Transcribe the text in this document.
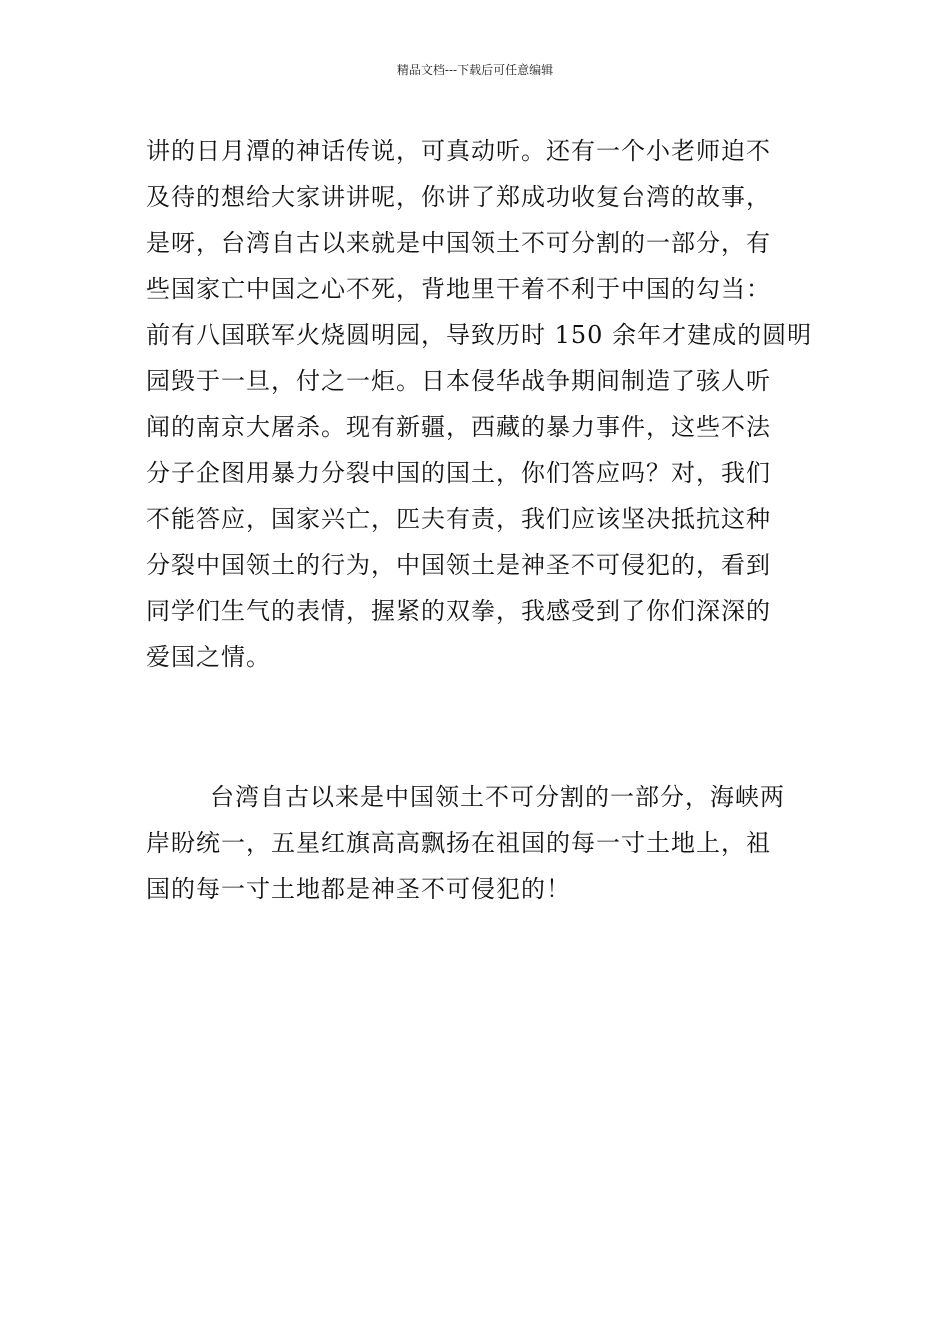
精品文档---下载后可任意编辑
讲的日月潭的神话传说，可真动听。还有一个小老师迫不
及待的想给大家讲讲呢，你讲了郑成功收复台湾的故事，
是呀，台湾自古以来就是中国领土不可分割的一部分，有
些国家亡中国之心不死，背地里干着不利于中国的勾当：
前有八国联军火烧圆明园，导致历时 150 余年才建成的圆明
园毁于一旦，付之一炬。日本侵华战争期间制造了骇人听
闻的南京大屠杀。现有新疆，西藏的暴力事件，这些不法
分子企图用暴力分裂中国的国土，你们答应吗？对，我们
不能答应，国家兴亡，匹夫有责，我们应该坚决抵抗这种
分裂中国领土的行为，中国领土是神圣不可侵犯的，看到
同学们生气的表情，握紧的双拳，我感受到了你们深深的
爱国之情。
台湾自古以来是中国领土不可分割的一部分，海峡两
岸盼统一，五星红旗高高飘扬在祖国的每一寸土地上，祖
国的每一寸土地都是神圣不可侵犯的！
